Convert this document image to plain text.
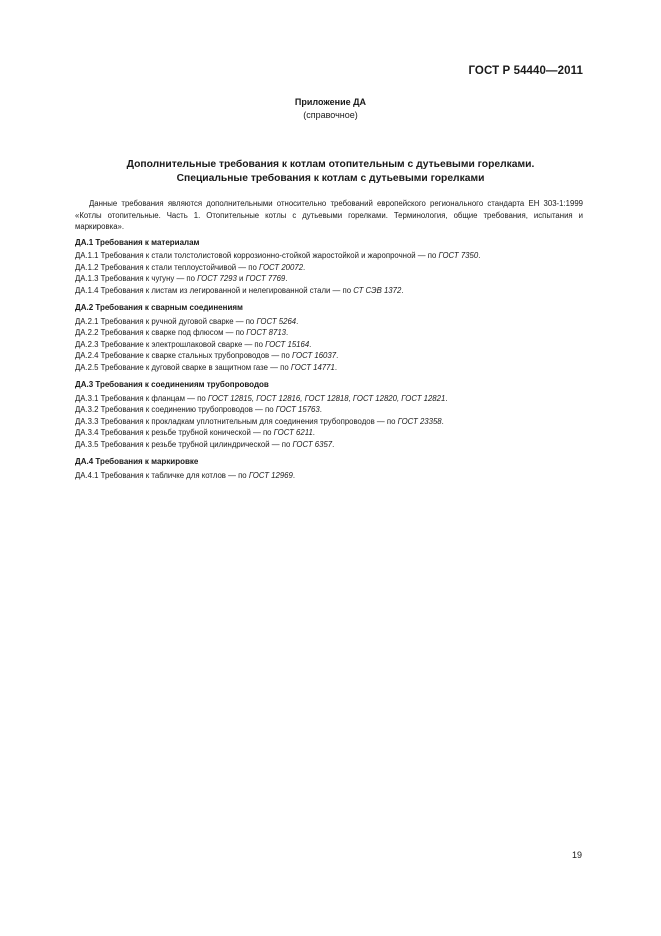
ГОСТ Р 54440—2011
Приложение ДА
(справочное)
Дополнительные требования к котлам отопительным с дутьевыми горелками.
Специальные требования к котлам с дутьевыми горелками

Данные требования являются дополнительными относительно требований европейского регионального стандарта ЕН 303-1:1999 «Котлы отопительные. Часть 1. Отопительные котлы с дутьевыми горелками. Терминология, общие требования, испытания и маркировка».

ДА.1 Требования к материалам
ДА.1.1 Требования к стали толстолистовой коррозионно-стойкой жаростойкой и жаропрочной — по ГОСТ 7350.
ДА.1.2 Требования к стали теплоустойчивой — по ГОСТ 20072.
ДА.1.3 Требования к чугуну — по ГОСТ 7293 и ГОСТ 7769.
ДА.1.4 Требования к листам из легированной и нелегированной стали — по СТ СЭВ 1372.
ДА.2 Требования к сварным соединениям
ДА.2.1 Требования к ручной дуговой сварке — по ГОСТ 5264.
ДА.2.2 Требования к сварке под флюсом — по ГОСТ 8713.
ДА.2.3 Требование к электрошлаковой сварке — по ГОСТ 15164.
ДА.2.4 Требование к сварке стальных трубопроводов — по ГОСТ 16037.
ДА.2.5 Требование к дуговой сварке в защитном газе — по ГОСТ 14771.
ДА.3 Требования к соединениям трубопроводов
ДА.3.1 Требования к фланцам — по ГОСТ 12815, ГОСТ 12816, ГОСТ 12818, ГОСТ 12820, ГОСТ 12821.
ДА.3.2 Требования к соединению трубопроводов — по ГОСТ 15763.
ДА.3.3 Требования к прокладкам уплотнительным для соединения трубопроводов — по ГОСТ 23358.
ДА.3.4 Требования к резьбе трубной конической — по ГОСТ 6211.
ДА.3.5 Требования к резьбе трубной цилиндрической — по ГОСТ 6357.
ДА.4 Требования к маркировке
ДА.4.1 Требования к табличке для котлов — по ГОСТ 12969.
19
